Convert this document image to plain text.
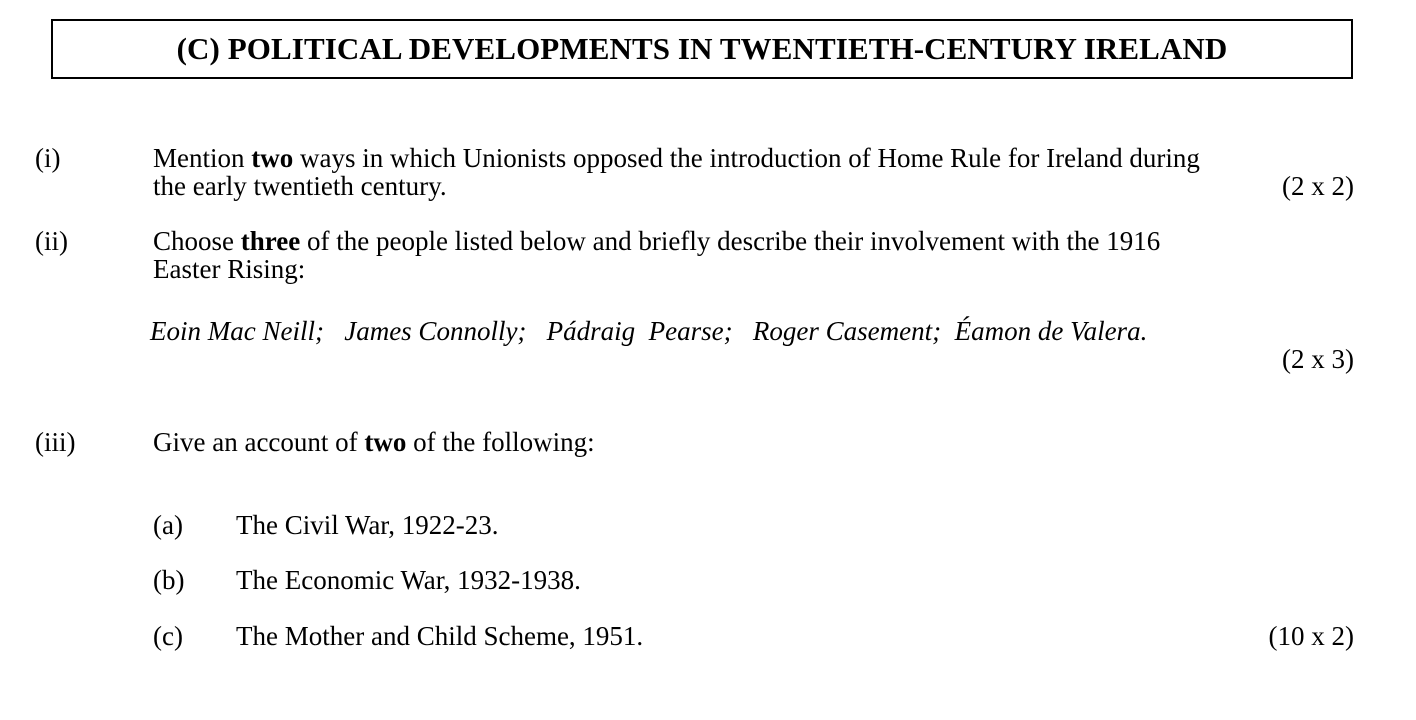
(C) POLITICAL DEVELOPMENTS IN TWENTIETH-CENTURY IRELAND
(i)	Mention two ways in which Unionists opposed the introduction of Home Rule for Ireland during
the early twentieth century.	(2 x 2)
(ii)	Choose three of the people listed below and briefly describe their involvement with the 1916
Easter Rising:
Eoin Mac Neill;   James Connolly;   Pádraig  Pearse;   Roger Casement;  Éamon de Valera.
(2 x 3)
(iii)	Give an account of two of the following:
(a) The Civil War, 1922-23.
(b) The Economic War, 1932-1938.
(c) The Mother and Child Scheme, 1951.	(10 x 2)
